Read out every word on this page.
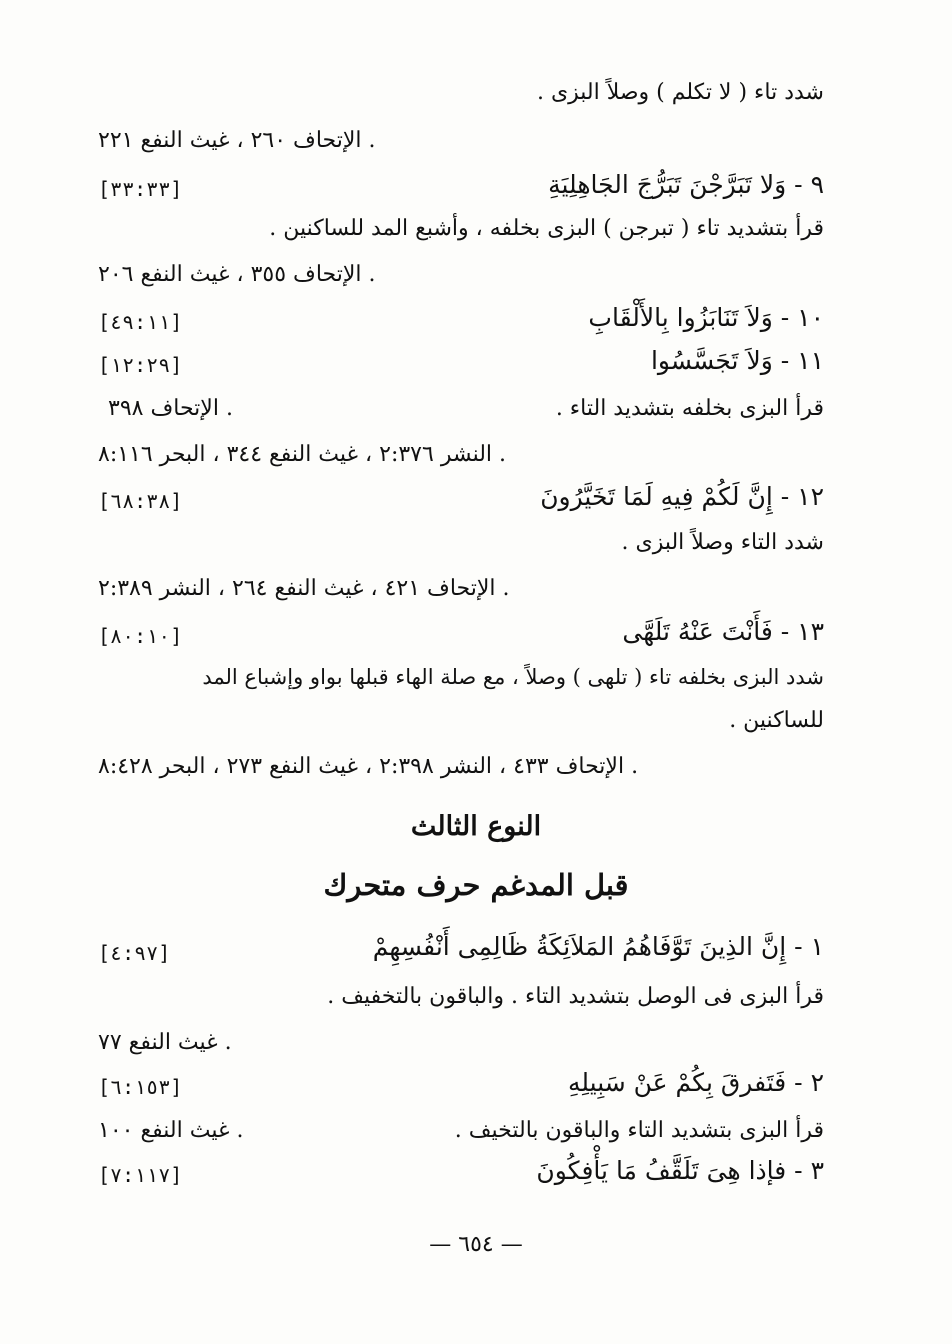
شدد تاء ( لا تكلم ) وصلاً البزى .
الإتحاف ٢٦٠ ، غيث النفع ٢٢١ .
٩ - وَلا تَبَرَّجْنَ تَبَرُّجَ الجَاهِلِيَةِ
[٣٣:٣٣]
قرأ بتشديد تاء ( تبرجن ) البزى بخلفه ، وأشبع المد للساكنين .
الإتحاف ٣٥٥ ، غيث النفع ٢٠٦ .
١٠ - وَلاَ تَنَابَزُوا بِالأَلْقَابِ
[٤٩:١١]
١١ - وَلاَ تَجَسَّسُوا
[١٢:٢٩]
قرأ البزى بخلفه بتشديد التاء .
الإتحاف ٣٩٨ .
النشر ٢:٣٧٦ ، غيث النفع ٣٤٤ ، البحر ٨:١١٦ .
١٢ - إِنَّ لَكُمْ فِيهِ لَمَا تَخَيَّرُونَ
[٦٨:٣٨]
شدد التاء وصلاً البزى .
الإتحاف ٤٢١ ، غيث النفع ٢٦٤ ، النشر ٢:٣٨٩ .
١٣ - فَأَنْتَ عَنْهُ تَلَهَّى
[٨٠:١٠]
شدد البزى بخلفه تاء ( تلهى ) وصلاً ، مع صلة الهاء قبلها بواو وإشباع المد
للساكنين .
الإتحاف ٤٣٣ ، النشر ٢:٣٩٨ ، غيث النفع ٢٧٣ ، البحر ٨:٤٢٨ .
النوع الثالث
قبل المدغم حرف متحرك
١ - إِنَّ الذِينَ تَوَّفَاهُمُ المَلاَئِكَةُ ظَالِمِى أَنْفُسِهِمْ
[٤:٩٧]
قرأ البزى فى الوصل بتشديد التاء . والباقون بالتخفيف .
غيث النفع ٧٧ .
٢ - فَتَفرقَ بِكُمْ عَنْ سَبِيلِهِ
[٦:١٥٣]
قرأ البزى بتشديد التاء والباقون بالتخيف .
غيث النفع ١٠٠ .
٣ - فإذا هِىَ تَلَقَّفُ مَا يَأْفِكُونَ
[٧:١١٧]
— ٦٥٤ —
